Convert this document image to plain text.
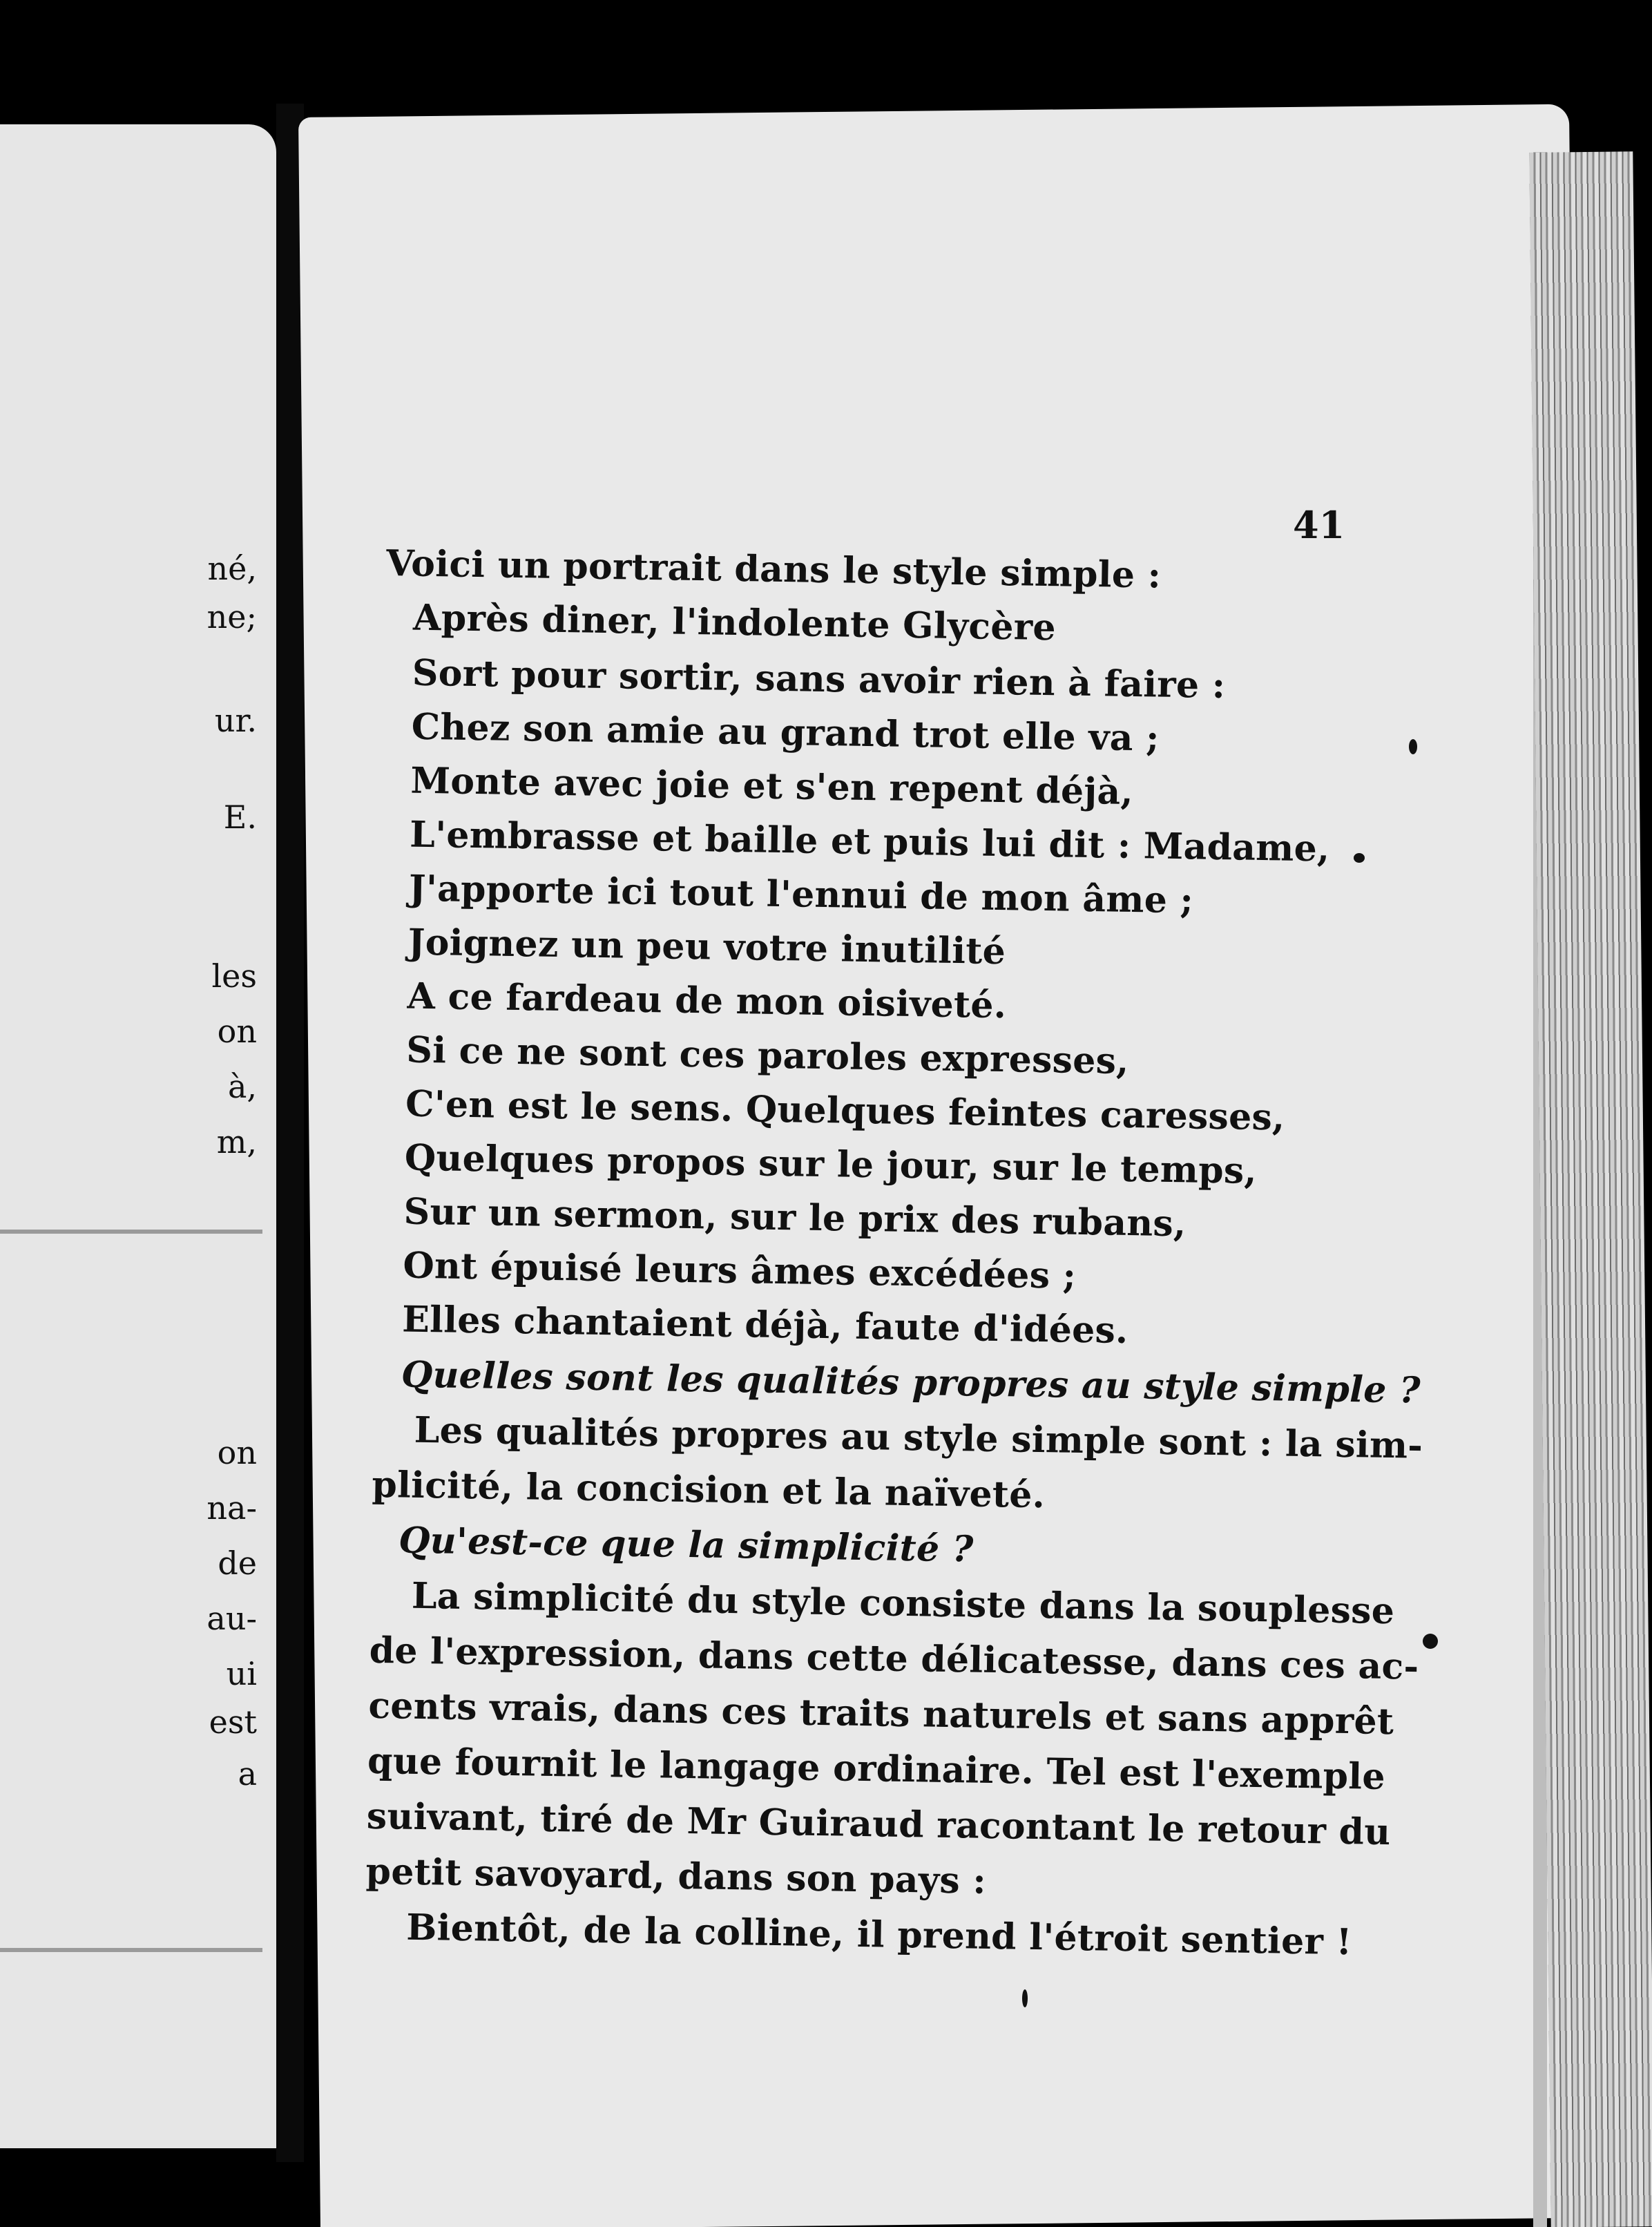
né,
ne;
ur.
E.
les
on
à,
m,
on
na-
de
au-
ui
est
a
41
Voici un portrait dans le style simple :
Après diner, l'indolente Glycère
Sort pour sortir, sans avoir rien à faire :
Chez son amie au grand trot elle va ;
Monte avec joie et s'en repent déjà,
L'embrasse et baille et puis lui dit : Madame,
J'apporte ici tout l'ennui de mon âme ;
Joignez un peu votre inutilité
A ce fardeau de mon oisiveté.
Si ce ne sont ces paroles expresses,
C'en est le sens. Quelques feintes caresses,
Quelques propos sur le jour, sur le temps,
Sur un sermon, sur le prix des rubans,
Ont épuisé leurs âmes excédées ;
Elles chantaient déjà, faute d'idées.
Quelles sont les qualités propres au style simple ?
Les qualités propres au style simple sont : la sim-
plicité, la concision et la naïveté.
Qu'est-ce que la simplicité ?
La simplicité du style consiste dans la souplesse
de l'expression, dans cette délicatesse, dans ces ac-
cents vrais, dans ces traits naturels et sans apprêt
que fournit le langage ordinaire. Tel est l'exemple
suivant, tiré de Mr Guiraud racontant le retour du
petit savoyard, dans son pays :
Bientôt, de la colline, il prend l'étroit sentier !
